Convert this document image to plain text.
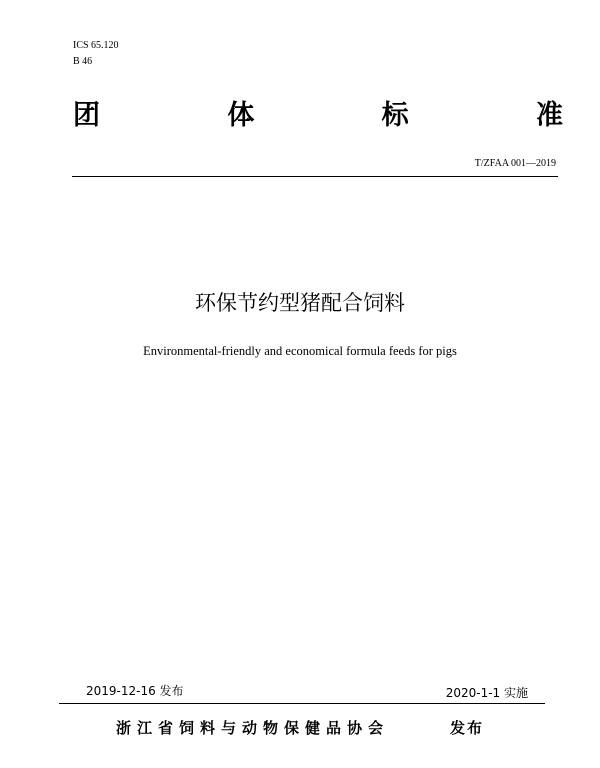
ICS 65.120
B 46
团	体	标	准
T/ZFAA 001—2019
环保节约型猪配合饲料
Environmental-friendly and economical formula feeds for pigs
2019-12-16 发布	2020-1-1 实施
浙江省饲料与动物保健品协会	发布
